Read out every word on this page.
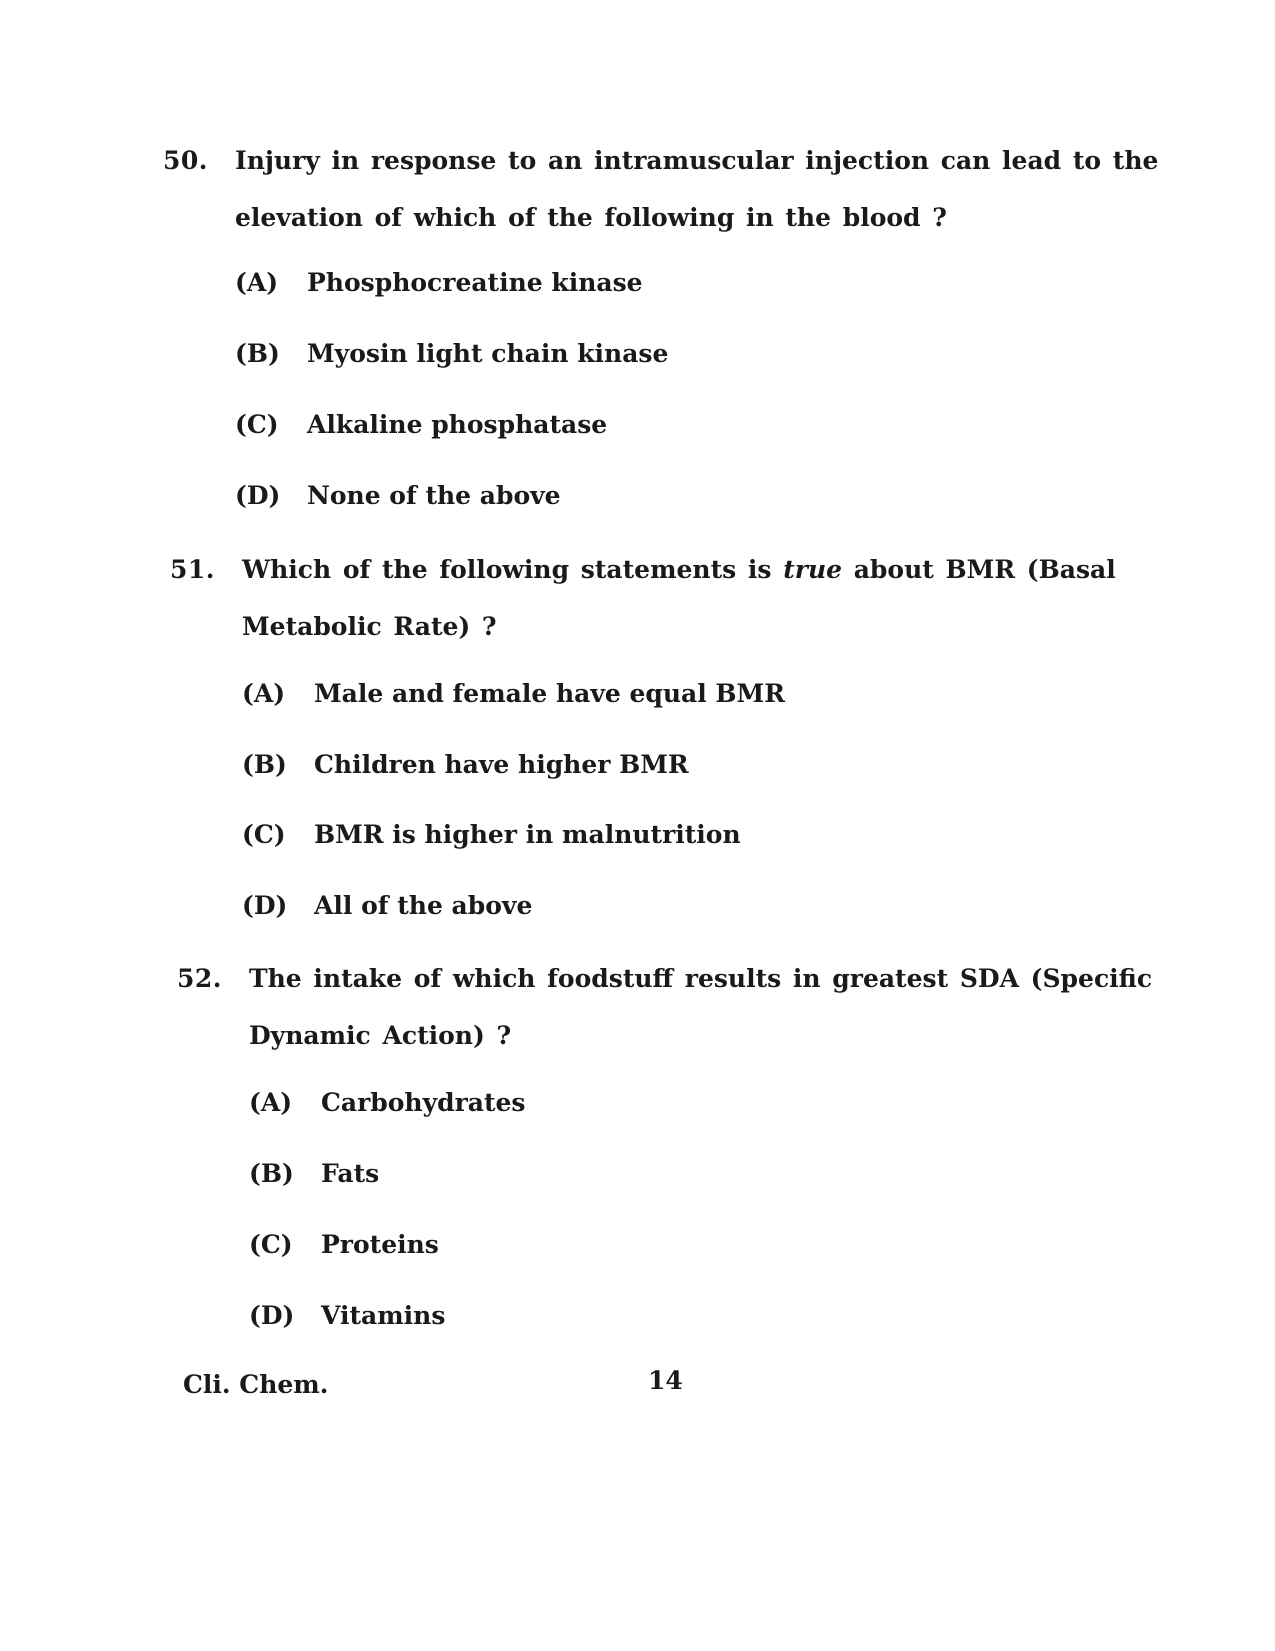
50. Injury in response to an intramuscular injection can lead to the elevation of which of the following in the blood ?
(A) Phosphocreatine kinase
(B) Myosin light chain kinase
(C) Alkaline phosphatase
(D) None of the above
51. Which of the following statements is true about BMR (Basal Metabolic Rate) ?
(A) Male and female have equal BMR
(B) Children have higher BMR
(C) BMR is higher in malnutrition
(D) All of the above
52. The intake of which foodstuff results in greatest SDA (Specific Dynamic Action) ?
(A) Carbohydrates
(B) Fats
(C) Proteins
(D) Vitamins
Cli. Chem.	14
